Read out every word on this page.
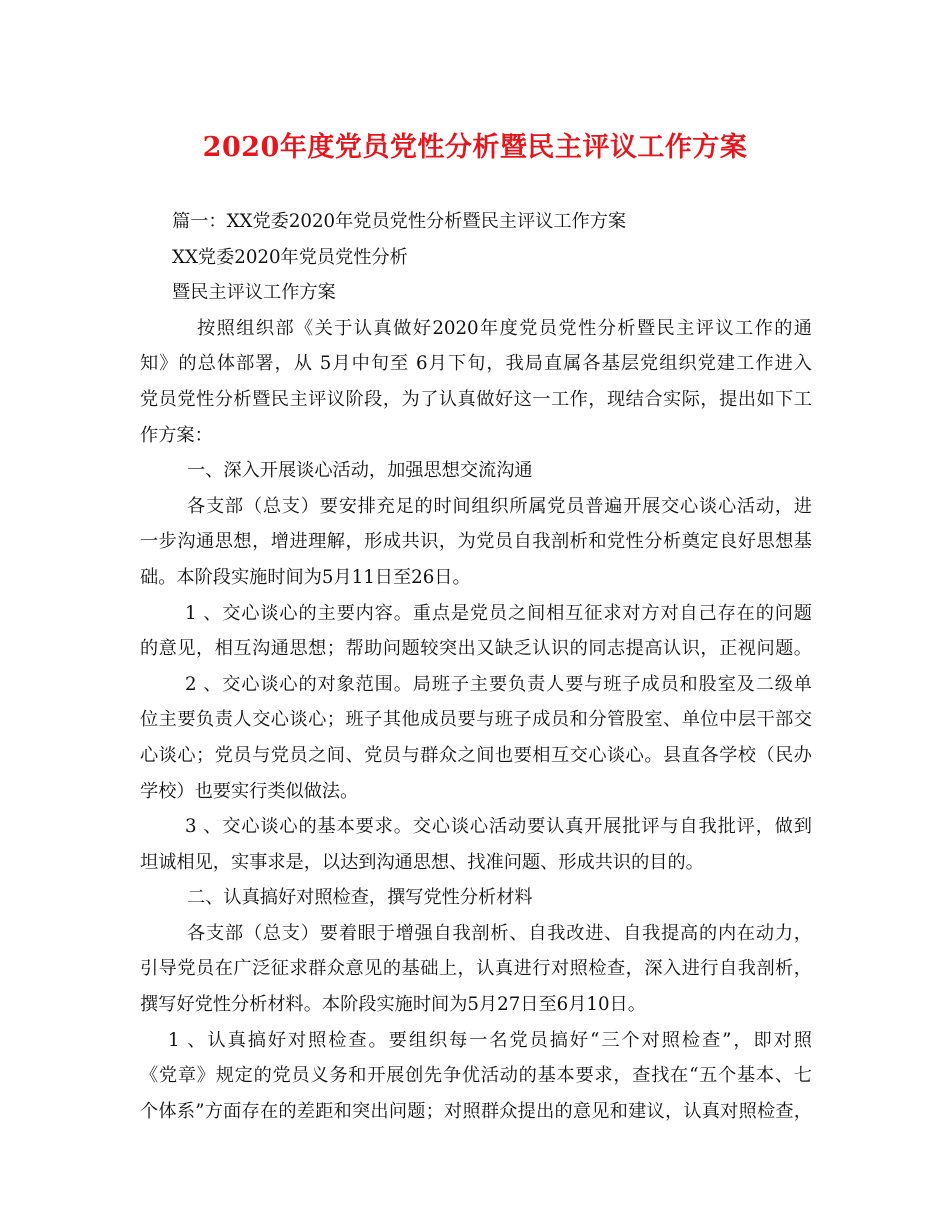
2020年度党员党性分析暨民主评议工作方案
篇一：XX党委2020年党员党性分析暨民主评议工作方案
XX党委2020年党员党性分析
暨民主评议工作方案
按照组织部《关于认真做好2020年度党员党性分析暨民主评议工作的通
知》的总体部署，从 5月中旬至 6月下旬，我局直属各基层党组织党建工作进入
党员党性分析暨民主评议阶段，为了认真做好这一工作，现结合实际，提出如下工
作方案：
一、深入开展谈心活动，加强思想交流沟通
各支部（总支）要安排充足的时间组织所属党员普遍开展交心谈心活动，进
一步沟通思想，增进理解，形成共识，为党员自我剖析和党性分析奠定良好思想基
础。本阶段实施时间为5月11日至26日。
1 、交心谈心的主要内容。重点是党员之间相互征求对方对自己存在的问题
的意见，相互沟通思想；帮助问题较突出又缺乏认识的同志提高认识，正视问题。
2 、交心谈心的对象范围。局班子主要负责人要与班子成员和股室及二级单
位主要负责人交心谈心；班子其他成员要与班子成员和分管股室、单位中层干部交
心谈心；党员与党员之间、党员与群众之间也要相互交心谈心。县直各学校（民办
学校）也要实行类似做法。
3 、交心谈心的基本要求。交心谈心活动要认真开展批评与自我批评，做到
坦诚相见，实事求是，以达到沟通思想、找准问题、形成共识的目的。
二、认真搞好对照检查，撰写党性分析材料
各支部（总支）要着眼于增强自我剖析、自我改进、自我提高的内在动力，
引导党员在广泛征求群众意见的基础上，认真进行对照检查，深入进行自我剖析，
撰写好党性分析材料。本阶段实施时间为5月27日至6月10日。
1 、认真搞好对照检查。要组织每一名党员搞好“三个对照检查”，即对照
《党章》规定的党员义务和开展创先争优活动的基本要求，查找在“五个基本、七
个体系”方面存在的差距和突出问题；对照群众提出的意见和建议，认真对照检查，
